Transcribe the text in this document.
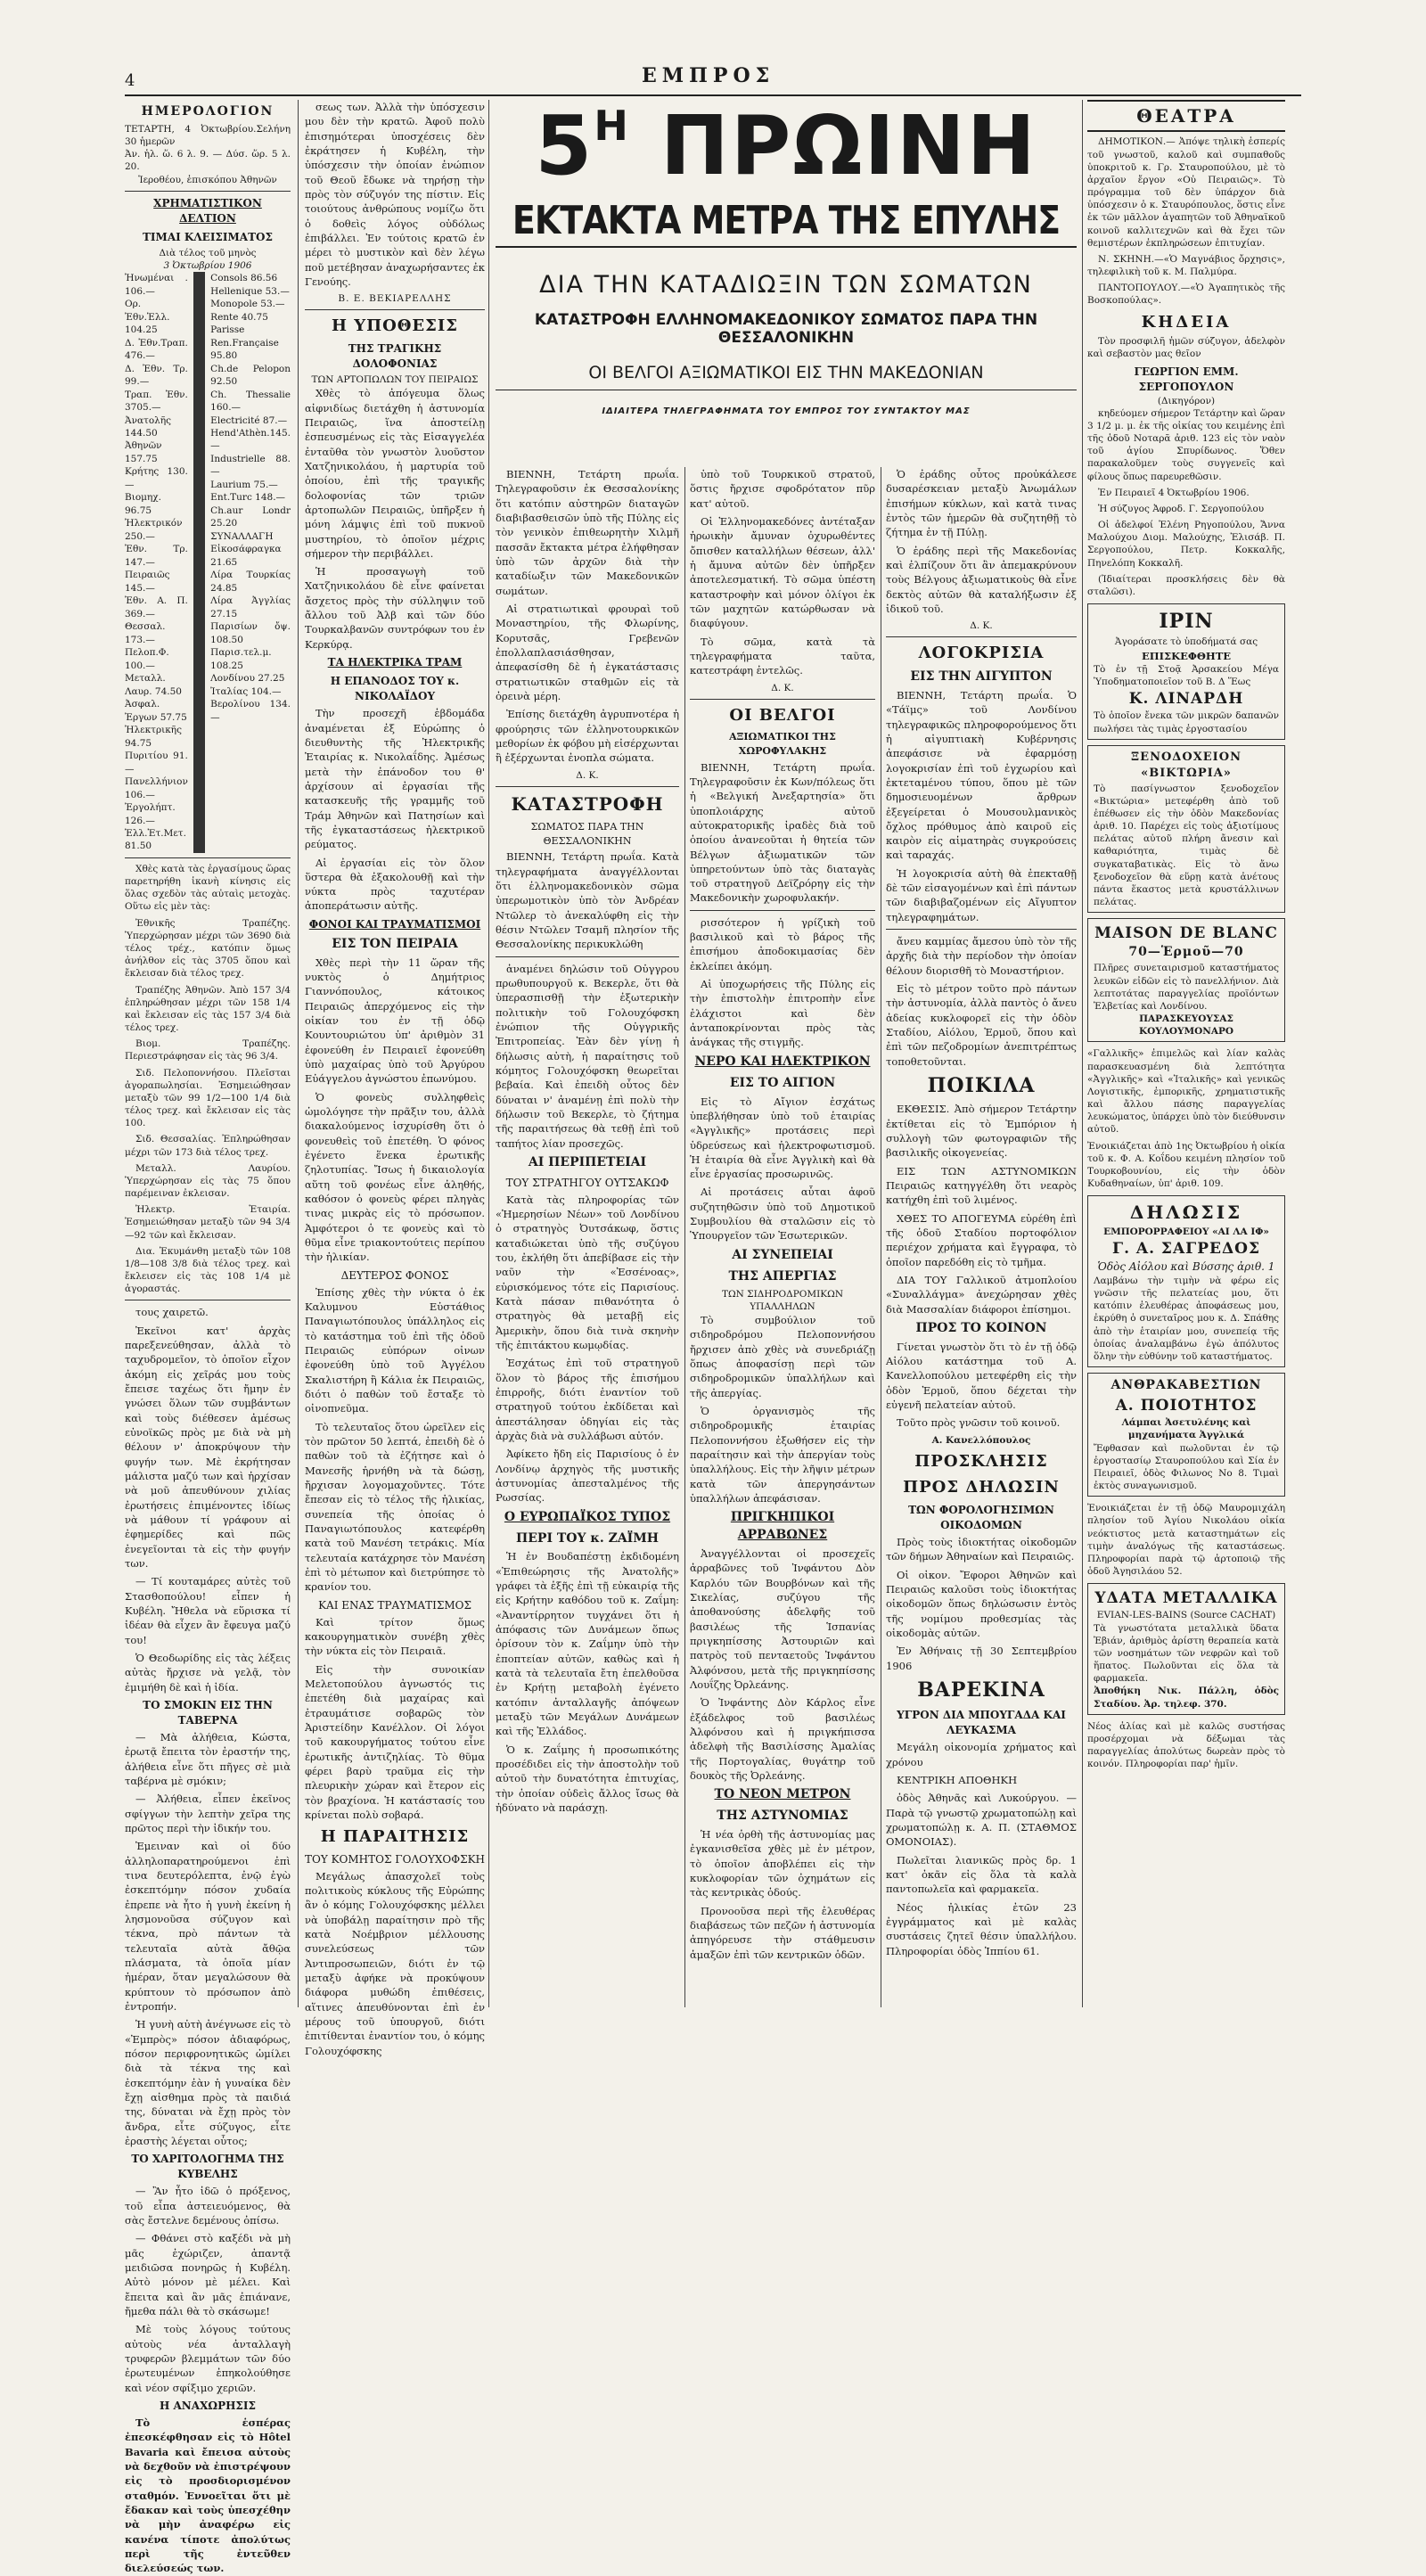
4	ΕΜΠΡΟΣ
ΗΜΕΡΟΛΟΓΙΟΝ
ΤΕΤΑΡΤΗ, 4 Ὀκτωβρίου.Σελήνη 30 ἡμερῶν
Ἀν. ἡλ. ὥ. 6 λ. 9. — Δύσ. ὥρ. 5 λ. 20.
Ἱεροθέου, ἐπισκόπου Ἀθηνῶν
ΧΡΗΜΑΤΙΣΤΙΚΟΝ ΔΕΛΤΙΟΝ
ΤΙΜΑΙ ΚΛΕΙΣΙΜΑΤΟΣ
Διὰ τέλος τοῦ μηνὸς
3 Ὀκτωβρίου 1906
Ἠνωμέναι . 106.—
Ορ. Ἐθν.Ἑλλ. 104.25
Δ. Ἐθν.Τραπ. 476.—
Δ. Ἐθν. Τρ. 99.—
Τραπ. Ἐθν. 3705.—
Ἀνατολῆς 144.50
Ἀθηνῶν 157.75
Κρήτης 130.—
Βιομηχ. 96.75
Ἠλεκτρικόν 250.—
Ἐθν. Τρ. 147.—
Πειραιῶς 145.—
Ἐθν. Α. Π. 369.—
Θεσσαλ. 173.—
Πελοπ.Φ. 100.—
Μεταλλ. Λαυρ. 74.50
Ἀσφαλ. Ἐργων 57.75
Ἠλεκτρικῆς 94.75
Πυριτίου 91.—
Πανελλήνιον 106.—
Ἐργολήπτ. 126.—
Ἑλλ.Ἐτ.Μετ. 81.50
Consols 86.56
Hellenique 53.—
Monopole 53.—
Rente 40.75
Parisse
Ren.Française 95.80
Ch.de Pelopon 92.50
Ch. Thessalie 160.—
Electricité 87.—
Hend'Athèn.145.—
Industrielle 88.—
Laurium 75.—
Ent.Turc 148.—
Ch.aur Londr 25.20
ΣΥΝΑΛΛΑΓΗ
Εἰκοσάφραγκα 21.65
Λίρα Τουρκίας 24.85
Λίρα Ἀγγλίας 27.15
Παρισίων ὄψ. 108.50
Παρισ.τελ.μ. 108.25
Λονδίνου 27.25
Ἰταλίας 104.—
Βερολίνου 134.—

Χθὲς κατὰ τὰς ἐργασίμους ὥρας παρετηρήθη ἱκανὴ κίνησις εἰς ὅλας σχεδὸν τὰς αὐταὶς μετοχὰς. Οὕτω εἰς μὲν τὰς:

Ἐθνικῆς Τραπέζης. Ὑπερχώρησαν μέχρι τῶν 3690 διὰ τέλος τρέχ., κατόπιν ὅμως ἀνήλθον εἰς τὰς 3705 ὅπου καὶ ἔκλεισαν διὰ τέλος τρεχ.

Τραπέζης Ἀθηνῶν. Ἀπὸ 157 3/4 ἐπληρώθησαν μέχρι τῶν 158 1/4 καὶ ἔκλεισαν εἰς τὰς 157 3/4 διὰ τέλος τρεχ.

Βιομ. Τραπέζης. Περιεστράφησαν εἰς τὰς 96 3/4.

Σιδ. Πελοποννήσου. Πλεῖσται ἀγοραπωλησίαι. Ἐσημειώθησαν μεταξὺ τῶν 99 1/2—100 1/4 διὰ τέλος τρεχ. καὶ ἔκλεισαν εἰς τὰς 100.

Σιδ. Θεσσαλίας. Ἐπληρώθησαν μέχρι τῶν 173 διὰ τέλος τρεχ.

Μεταλλ. Λαυρίου. Ὑπερχώρησαν εἰς τὰς 75 ὅπου παρέμειναν ἐκλεισαν.

Ἠλεκτρ. Ἑταιρία. Ἐσημειώθησαν μεταξὺ τῶν 94 3/4—92 τῶν καὶ ἔκλεισαν.

Δια. Ἐκυμάνθη μεταξὺ τῶν 108 1/8—108 3/8 διὰ τέλος τρεχ. καὶ ἔκλεισεν εἰς τὰς 108 1/4 μὲ ἀγοραστάς.

τους χαιρετῶ.

Ἐκεῖνοι κατ' ἀρχὰς παρεξενεύθησαν, ἀλλὰ τὸ ταχυδρομεῖον, τὸ ὁποῖον εἶχον ἀκόμη εἰς χεῖράς μου τοὺς ἔπεισε ταχέως ὅτι ἤμην ἐν γνώσει ὅλων τῶν συμβάντων καὶ τοὺς διέθεσεν ἀμέσως εὐνοϊκῶς πρὸς με διὰ νὰ μὴ θέλουν ν' ἀποκρύψουν τὴν φυγήν των. Μὲ ἐκρήτησαν μάλιστα μαζύ των καὶ ἠρχίσαν νὰ μοῦ ἀπευθύνουν χιλίας ἐρωτήσεις ἐπιμένοντες ἰδίως νὰ μάθουν τί γράφουν αἱ ἐφημερίδες καὶ πῶς ἐνεγεῖονται τὰ εἰς τὴν φυγήν των.

— Τί κουταμάρες αὐτὲς τοῦ Στασθοπούλου! εἶπεν ἡ Κυβέλη. Ἤθελα νὰ εὕρισκα τί ἰδέαν θὰ εἶχεν ἂν ἔφευγα μαζύ του!

Ὁ Θεοδωρίδης εἰς τὰς λέξεις αὐτὰς ἤρχισε νὰ γελᾷ, τὸν ἐμιμήθη δὲ καὶ ἡ ἰδία.

ΤΟ ΣΜΟΚΙΝ ΕΙΣ ΤΗΝ ΤΑΒΕΡΝΑ

— Μὰ ἀλήθεια, Κώστα, ἐρωτᾷ ἔπειτα τὸν ἐραστήν της, ἀλήθεια εἶνε ὅτι πῆγες σὲ μιὰ ταβέρνα μὲ σμόκιν;

— Ἀλήθεια, εἶπεν ἐκεῖνος σφίγγων τὴν λεπτὴν χεῖρα της πρῶτος περὶ τὴν ἰδικήν του.

Ἐμειναν καὶ οἱ δύο ἀλληλοπαρατηρούμενοι ἐπὶ τινα δευτερόλεπτα, ἐνῷ ἐγὼ ἐσκεπτόμην πόσον χυδαία ἐπρεπε νὰ ἦτο ἡ γυνὴ ἐκείνη ἡ λησμονοῦσα σύζυγον καὶ τέκνα, πρὸ πάντων τὰ τελευταῖα αὐτὰ ἄθῷα πλάσματα, τὰ ὁποῖα μίαν ἡμέραν, ὅταν μεγαλώσουν θὰ κρύπτουν τὸ πρόσωπον ἀπὸ ἐντροπήν.

Ἡ γυνὴ αὐτὴ ἀνέγνωσε εἰς τὸ «Ἐμπρὸς» πόσον ἀδιαφόρως, πόσον περιφρονητικῶς ὡμίλει διὰ τὰ τέκνα της καὶ ἐσκεπτόμην ἐὰν ἡ γυναίκα δὲν ἔχῃ αἰσθημα πρὸς τὰ παιδιά της, δύναται νὰ ἔχῃ πρὸς τὸν ἄνδρα, εἶτε σύζυγος, εἶτε ἐραστὴς λέγεται οὗτος;

ΤΟ ΧΑΡΙΤΟΛΟΓΗΜΑ ΤΗΣ ΚΥΒΕΛΗΣ

— Ἂν ἦτο ἰδῶ ὁ πρόξενος, τοῦ εἶπα ἀστειευόμενος, θὰ σὰς ἔστελνε δεμένους ὀπίσω.

— Φθάνει στὸ καξέδι νὰ μὴ μᾶς ἐχώριζεν, ἀπαντᾷ μειδιῶσα πονηρῶς ἡ Κυβέλη. Αὐτὸ μόνον μὲ μέλει. Καὶ ἔπειτα καὶ ἂν μᾶς ἐπιάνανε, ἤμεθα πάλι θὰ τὸ σκάσωμε!

Μὲ τοὺς λόγους τούτους αὐτοὺς νέα ἀνταλλαγὴ τρυφερῶν βλεμμάτων τῶν δύο ἐρωτευμένων ἐπηκολούθησε καὶ νέον σφίξιμο χεριῶν.

Η ΑΝΑΧΩΡΗΣΙΣ

Τὸ ἑσπέρας ἐπεσκέφθησαν εἰς τὸ Hôtel Bavaria καὶ ἔπεισα αὐτοὺς νὰ δεχθοῦν νὰ ἐπιστρέψουν εἰς τὸ προσδιορισμένον σταθμόν. Ἐννοεῖται ὅτι μὲ ἔδακαν καὶ τοὺς ὑπεσχέθην νὰ μὴν ἀναφέρω εἰς κανένα τίποτε ἀπολύτως περὶ τῆς ἐντεῦθεν διελεύσεώς των.

σεως των. Ἀλλὰ τὴν ὑπόσχεσιν μου δὲν τὴν κρατῶ. Ἀφοῦ πολὺ ἐπισημότεραι ὑποσχέσεις δὲν ἐκράτησεν ἡ Κυβέλη, τὴν ὑπόσχεσιν τὴν ὁποίαν ἐνώπιον τοῦ Θεοῦ ἔδωκε νὰ τηρήσῃ τὴν πρὸς τὸν σύζυγόν της πίστιν. Εἰς τοιούτους ἀνθρώπους νομίζω ὅτι ὁ δοθεὶς λόγος οὐδόλως ἐπιβάλλει. Ἐν τούτοις κρατῶ ἐν μέρει τὸ μυστικὸν καὶ δὲν λέγω ποῦ μετέβησαν ἀναχωρήσαντες ἐκ Γενούης.

Β. Ε. ΒΕΚΙΑΡΕΛΛΗΣ
Η ΥΠΟΘΕΣΙΣ
ΤΗΣ ΤΡΑΓΙΚΗΣ ΔΟΛΟΦΟΝΙΑΣ
ΤΩΝ ΑΡΤΟΠΩΛΩΝ ΤΟΥ ΠΕΙΡΑΙΩΣ

Χθὲς τὸ ἀπόγευμα ὅλως αἰφνιδίως διετάχθη ἡ ἀστυνομία Πειραιῶς, ἵνα ἀποστείλῃ ἐσπευσμένως εἰς τὰς Εἰσαγγελέα ἐνταῦθα τὸν γνωστὸν λυοῦστον Χατζηνικολάου, ἡ μαρτυρία τοῦ ὁποίου, ἐπὶ τῆς τραγικῆς δολοφονίας τῶν τριῶν ἀρτοπωλῶν Πειραιῶς, ὑπῆρξεν ἡ μόνη λάμψις ἐπὶ τοῦ πυκνοῦ μυστηρίου, τὸ ὁποῖον μέχρις σήμερον τὴν περιβάλλει.

Ἡ προσαγωγὴ τοῦ Χατζηνικολάου δὲ εἶνε φαίνεται ἄσχετος πρὸς τὴν σύλληψιν τοῦ ἄλλου τοῦ Ἀλβ καὶ τῶν δύο Τουρκαλβανῶν συντρόφων του ἐν Κερκύρᾳ.

ΤΑ ΗΛΕΚΤΡΙΚΑ ΤΡΑΜ
Η ΕΠΑΝΟΔΟΣ ΤΟΥ κ. ΝΙΚΟΛΑΪΔΟΥ

Τὴν προσεχῆ ἑβδομάδα ἀναμένεται ἐξ Εὐρώπης ὁ διευθυντὴς τῆς Ἠλεκτρικῆς Ἑταιρίας κ. Νικολαΐδης. Ἀμέσως μετὰ τὴν ἐπάνοδον του θ' ἀρχίσουν αἱ ἐργασίαι τῆς κατασκευῆς τῆς γραμμῆς τοῦ Τράμ Ἀθηνῶν καὶ Πατησίων καὶ τῆς ἐγκαταστάσεως ἠλεκτρικοῦ ρεύματος.

Αἱ ἐργασίαι εἰς τὸν ὅλον ὕστερα θὰ ἐξακολουθῇ καὶ τὴν νύκτα πρὸς ταχυτέραν ἀποπεράτωσιν αὐτῆς.

ΦΟΝΟΙ ΚΑΙ ΤΡΑΥΜΑΤΙΣΜΟΙ
ΕΙΣ ΤΟΝ ΠΕΙΡΑΙΑ

Χθὲς περὶ τὴν 11 ὥραν τῆς νυκτὸς ὁ Δημήτριος Γιαννόπουλος, κάτοικος Πειραιῶς ἀπερχόμενος εἰς τὴν οἰκίαν του ἐν τῇ ὁδῷ Κουντουριώτου ὑπ' ἀριθμὸν 31 ἐφονεύθη ἐν Πειραιεῖ ἐφονεύθη ὑπὸ μαχαίρας ὑπὸ τοῦ Ἀργύρου Εὐάγγελου ἀγνώστου ἐπωνύμου.

Ὁ φονεὺς συλληφθεὶς ὡμολόγησε τὴν πρᾶξιν του, ἀλλὰ διακαλούμενος ἰσχυρίσθη ὅτι ὁ φονευθεὶς τοῦ ἐπετέθη. Ὁ φόνος ἐγένετο ἕνεκα ἐρωτικῆς ζηλοτυπίας. Ἴσως ἡ δικαιολογία αὕτη τοῦ φονέως εἶνε ἀληθής, καθόσον ὁ φονεὺς φέρει πληγὰς τινας μικρὰς εἰς τὸ πρόσωπον. Ἀμφότεροι ὁ τε φονεὺς καὶ τὸ θῦμα εἶνε τριακοντούτεις περίπου τὴν ἡλικίαν.

ΔΕΥΤΕΡΟΣ ΦΟΝΟΣ

Ἐπίσης χθὲς τὴν νύκτα ὁ ἐκ Καλυμνου Εὐστάθιος Παναγιωτόπουλος ὑπάλληλος εἰς τὸ κατάστημα τοῦ ἐπὶ τῆς ὁδοῦ Πειραιῶς εὐπόρων οἰνων ἐφονεύθη ὑπὸ τοῦ Ἀγγέλου Σκαλιστήρη ἢ Κάλια ἐκ Πειραιῶς, διότι ὁ παθὼν τοῦ ἔσταξε τὸ οἰνοπνεῦμα.

Τὸ τελευταῖος ὅτου ὡρεῖλεν εἰς τὸν πρῶτον 50 λεπτά, ἐπειδὴ δὲ ὁ παθὼν τοῦ τὰ ἐζήτησε καὶ ὁ Μανεσῆς ἠρνήθη νὰ τὰ δώσῃ, ἤρχισαν λογομαχοῦντες. Τότε ἔπεσαν εἰς τὸ τέλος τῆς ἡλικίας, συνεπεία τῆς ὁποίας ὁ Παναγιωτόπουλος κατεφέρθη κατὰ τοῦ Μανέση τετράκις. Μία τελευταία κατάχρησε τὸν Μανέση ἐπὶ τὸ μέτωπον καὶ διετρύπησε τὸ κρανίον του.

ΚΑΙ ΕΝΑΣ ΤΡΑΥΜΑΤΙΣΜΟΣ

Καὶ τρίτον ὅμως κακουργηματικὸν συνέβη χθὲς τὴν νύκτα εἰς τὸν Πειραιᾶ.

Εἰς τὴν συνοικίαν Μελετοπούλου ἀγνωστός τις ἐπετέθη διὰ μαχαίρας καὶ ἐτραυμάτισε σοβαρῶς τὸν Ἀριστείδην Κανέλλον. Οἱ λόγοι τοῦ κακουργήματος τούτου εἶνε ἐρωτικῆς ἀντιζηλίας. Τὸ θῦμα φέρει βαρὺ τραῦμα εἰς τὴν πλευρικὴν χώραν καὶ ἔτερον εἰς τὸν βραχίονα. Ἡ κατάστασίς του κρίνεται πολὺ σοβαρά.

Η ΠΑΡΑΙΤΗΣΙΣ
ΤΟΥ ΚΟΜΗΤΟΣ ΓΟΛΟΥΧΟΦΣΚΗ

Μεγάλως ἀπασχολεῖ τοὺς πολιτικοὺς κύκλους τῆς Εὐρώπης ἂν ὁ κόμης Γολουχόφσκης μέλλει νὰ ὑποβάλῃ παραίτησιν πρὸ τῆς κατὰ Νοέμβριον μέλλουσης συνελεύσεως τῶν Ἀντιπροσωπειῶν, διότι ἐν τῷ μεταξὺ ἀφήκε νὰ προκύψουν διάφορα μυθώδη ἐπιθέσεις, αἵτινες ἀπευθύνονται ἐπὶ ἐν μέρους τοῦ ὑπουργοῦ, διότι ἐπιτίθενται ἐναντίον του, ὁ κόμης Γολουχόφσκης

$5^H$ ΠΡΩΙΝΗ
ΕΚΤΑΚΤΑ ΜΕΤΡΑ ΤΗΣ ΕΠΥΛΗΣ
ΔΙΑ ΤΗΝ ΚΑΤΑΔΙΩΞΙΝ ΤΩΝ ΣΩΜΑΤΩΝ
ΚΑΤΑΣΤΡΟΦΗ ΕΛΛΗΝΟΜΑΚΕΔΟΝΙΚΟΥ ΣΩΜΑΤΟΣ ΠΑΡΑ ΤΗΝ ΘΕΣΣΑΛΟΝΙΚΗΝ
ΟΙ ΒΕΛΓΟΙ ΑΞΙΩΜΑΤΙΚΟΙ ΕΙΣ ΤΗΝ ΜΑΚΕΔΟΝΙΑΝ
ΙΔΙΑΙΤΕΡΑ ΤΗΛΕΓΡΑΦΗΜΑΤΑ ΤΟΥ ΕΜΠΡΟΣ ΤΟΥ ΣΥΝΤΑΚΤΟΥ ΜΑΣ

ΒΙΕΝΝΗ, Τετάρτη πρωΐα. Τηλεγραφοῦσιν ἐκ Θεσσαλονίκης ὅτι κατόπιν αὐστηρῶν διαταγῶν διαβιβασθεισῶν ὑπὸ τῆς Πύλης εἰς τὸν γενικὸν ἐπιθεωρητὴν Χιλμῆ πασσᾶν ἔκτακτα μέτρα ἐλήφθησαν ὑπὸ τῶν ἀρχῶν διὰ τὴν καταδίωξιν τῶν Μακεδονικῶν σωμάτων.

Αἱ στρατιωτικαὶ φρουραὶ τοῦ Μοναστηρίου, τῆς Φλωρίνης, Κορυτσᾶς, Γρεβενῶν ἐπολλαπλασιάσθησαν, ἀπεφασίσθη δὲ ἡ ἐγκατάστασις στρατιωτικῶν σταθμῶν εἰς τὰ ὀρεινὰ μέρη.

Ἐπίσης διετάχθη ἀγρυπνοτέρα ἡ φρούρησις τῶν ἑλληνοτουρκικῶν μεθορίων ἐκ φόβου μὴ εἰσέρχωνται ἢ ἐξέρχωνται ἐνοπλα σώματα.

Δ. Κ.
ΚΑΤΑΣΤΡΟΦΗ
ΣΩΜΑΤΟΣ ΠΑΡΑ ΤΗΝ ΘΕΣΣΑΛΟΝΙΚΗΝ

ΒΙΕΝΝΗ, Τετάρτη πρωΐα. Κατὰ τηλεγραφήματα ἀναγγέλλονται ὅτι ἑλληνομακεδονικὸν σῶμα ὑπερωμοτικὸν ὑπὸ τὸν Ἀνδρέαν Ντῶλερ τὸ ἀνεκαλύφθη εἰς τὴν θέσιν Ντῶλεν Τσαμῆ πλησίον τῆς Θεσσαλονίκης περικυκλώθη

ἀναμένει δηλώσιν τοῦ Οὐγγρου πρωθυπουργοῦ κ. Βεκερλε, ὅτι θὰ ὑπερασπισθῇ τὴν ἐξωτερικὴν πολιτικὴν τοῦ Γολουχόφσκη ἐνώπιον τῆς Οὐγγρικῆς Ἐπιτροπείας. Ἐὰν δὲν γίνῃ ἡ δήλωσις αὐτὴ, ἡ παραίτησις τοῦ κόμητος Γολουχόφσκη θεωρεῖται βεβαία. Καὶ ἐπειδὴ οὗτος δὲν δύναται ν' ἀναμένῃ ἐπὶ πολὺ τὴν δήλωσιν τοῦ Βεκερλε, τὸ ζήτημα τῆς παραιτήσεως θὰ τεθῇ ἐπὶ τοῦ ταπήτος λίαν προσεχῶς.

ΑΙ ΠΕΡΙΠΕΤΕΙΑΙ
ΤΟΥ ΣΤΡΑΤΗΓΟΥ ΟΥΤΣΑΚΩΦ

Κατὰ τὰς πληροφορίας τῶν «Ἡμερησίων Νέων» τοῦ Λονδίνου ὁ στρατηγὸς Ὀυτσάκωφ, ὅστις καταδιώκεται ὑπὸ τῆς συζύγου του, ἐκλήθη ὅτι ἀπεβίβασε εἰς τὴν ναῦν τὴν «Ἐσσένοας», εὑρισκόμενος τότε εἰς Παρισίους. Κατὰ πάσαν πιθανότητα ὁ στρατηγὸς θὰ μεταβῇ εἰς Ἀμερικὴν, ὅπου διὰ τινὰ σκηνὴν τῆς ἐπιτάκτου κωμῳδίας.

Ἐσχάτως ἐπὶ τοῦ στρατηγοῦ ὅλον τὸ βάρος τῆς ἐπισήμου ἐπιρροῆς, διότι ἐναντίον τοῦ στρατηγοῦ τούτου ἐκδίδεται καὶ ἀπεστάλησαν ὁδηγίαι εἰς τὰς ἀρχὰς διὰ νὰ συλλάβωσι αὐτόν.

Ἀφίκετο ἤδη εἰς Παρισίους ὁ ἐν Λονδίνῳ ἀρχηγὸς τῆς μυστικῆς ἀστυνομίας ἀπεσταλμένος τῆς Ρωσσίας.

Ο ΕΥΡΩΠΑΪΚΟΣ ΤΥΠΟΣ
ΠΕΡΙ ΤΟΥ κ. ΖΑΪΜΗ

Ἡ ἐν Βουδαπέστῃ ἐκδιδομένη «Ἐπιθεώρησις τῆς Ἀνατολῆς» γράφει τὰ ἑξῆς ἐπὶ τῇ εὐκαιρίᾳ τῆς εἰς Κρήτην καθόδου τοῦ κ. Ζαΐμη: «Ἀναντίρρητον τυγχάνει ὅτι ἡ ἀπόφασις τῶν Δυνάμεων ὅπως ὁρίσουν τὸν κ. Ζαΐμην ὑπὸ τὴν ἐποπτείαν αὐτῶν, καθὼς καὶ ἡ κατὰ τὰ τελευταῖα ἔτη ἐπελθοῦσα ἐν Κρήτῃ μεταβολὴ ἐγένετο κατόπιν ἀνταλλαγῆς ἀπόψεων μεταξὺ τῶν Μεγάλων Δυνάμεων καὶ τῆς Ἑλλάδος.

Ὁ κ. Ζαΐμης ἡ προσωπικότης προσέδιδει εἰς τὴν ἀποστολὴν τοῦ αὐτοῦ τὴν δυνατότητα ἐπιτυχίας, τὴν ὁποίαν οὐδεὶς ἄλλος ἴσως θὰ ἠδύνατο νὰ παράσχῃ.

ὑπὸ τοῦ Τουρκικοῦ στρατοῦ, ὅστις ἤρχισε σφοδρότατον πῦρ κατ' αὐτοῦ.

Οἱ Ἑλληνομακεδόνες ἀντέταξαν ἡρωικὴν ἄμυναν ὀχυρωθέντες ὄπισθεν καταλλήλων θέσεων, ἀλλ' ἡ ἄμυνα αὐτῶν δὲν ὑπῆρξεν ἀποτελεσματική. Τὸ σῶμα ὑπέστη καταστροφὴν καὶ μόνον ὀλίγοι ἐκ τῶν μαχητῶν κατώρθωσαν νὰ διαφύγουν.

Τὸ σῶμα, κατὰ τὰ τηλεγραφήματα ταῦτα, κατεστράφη ἐντελῶς.

Δ. Κ.
ΟΙ ΒΕΛΓΟΙ
ΑΞΙΩΜΑΤΙΚΟΙ ΤΗΣ ΧΩΡΟΦΥΛΑΚΗΣ

ΒΙΕΝΝΗ, Τετάρτη πρωΐα. Τηλεγραφοῦσιν ἐκ Κων/πόλεως ὅτι ἡ «Βελγική Ἀνεξαρτησία» ὅτι ὑποπλοιάρχης αὐτοῦ αὐτοκρατορικῆς ἰραδὲς διὰ τοῦ ὁποίου ἀνανεοῦται ἡ θητεία τῶν Βέλγων ἀξιωματικῶν τῶν ὑπηρετούντων ὑπὸ τὰς διαταγὰς τοῦ στρατηγοῦ Δεϊζρόρηγ εἰς τὴν Μακεδονικὴν χωροφυλακήν.

ρισσότερον ἡ γρίζικὴ τοῦ βασιλικοῦ καὶ τὸ βάρος τῆς ἐπισήμου ἀποδοκιμασίας δὲν ἐκλείπει ἀκόμη.

Αἱ ὑποχωρήσεις τῆς Πύλης εἰς τὴν ἐπιστολὴν ἐπιτροπὴν εἶνε ἐλάχιστοι καὶ δὲν ἀνταποκρίνονται πρὸς τὰς ἀνάγκας τῆς στιγμῆς.

ΝΕΡΟ ΚΑΙ ΗΛΕΚΤΡΙΚΟΝ
ΕΙΣ ΤΟ ΑΙΓΙΟΝ

Εἰς τὸ Αἴγιον ἐσχάτως ὑπεβλήθησαν ὑπὸ τοῦ ἑταιρίας «Ἀγγλικῆς» προτάσεις περὶ ὑδρεύσεως καὶ ἠλεκτροφωτισμοῦ. Ἡ ἑταιρία θὰ εἶνε Ἀγγλικὴ καὶ θὰ εἶνε ἐργασίας προσωρινῶς.

Αἱ προτάσεις αὗται ἀφοῦ συζητηθῶσιν ὑπὸ τοῦ Δημοτικοῦ Συμβουλίου θὰ σταλῶσιν εἰς τὸ Ὑπουργεῖον τῶν Ἐσωτερικῶν.

ΑΙ ΣΥΝΕΠΕΙΑΙ
ΤΗΣ ΑΠΕΡΓΙΑΣ
ΤΩΝ ΣΙΔΗΡΟΔΡΟΜΙΚΩΝ ΥΠΑΛΛΗΛΩΝ

Τὸ συμβούλιον τοῦ σιδηροδρόμου Πελοποννήσου ἤρχισεν ἀπὸ χθὲς νὰ συνεδριάζῃ ὅπως ἀποφασίσῃ περὶ τῶν σιδηροδρομικῶν ὑπαλλήλων καὶ τῆς ἀπεργίας.

Ὁ ὀργανισμὸς τῆς σιδηροδρομικῆς ἑταιρίας Πελοποννήσου ἐξωθήσεν εἰς τὴν παραίτησιν καὶ τὴν ἀπεργίαν τοὺς ὑπαλλήλους. Εἰς τὴν λῆψιν μέτρων κατὰ τῶν ἀπεργησάντων ὑπαλλήλων ἀπεφάσισαν.

ΠΡΙΓΚΗΠΙΚΟΙ ΑΡΡΑΒΩΝΕΣ

Ἀναγγέλλονται οἱ προσεχεῖς ἀρραβῶνες τοῦ Ἰνφάντου Δὸν Καρλόυ τῶν Βουρβόνων καὶ τῆς Σικελίας, συζύγου τῆς ἀποθανούσης ἀδελφῆς τοῦ βασιλέως τῆς Ἱσπανίας πριγκηπίσσης Ἀστουριῶν καὶ πατρὸς τοῦ πενταετοῦς Ἰνφάντου Ἀλφόνσου, μετὰ τῆς πριγκηπίσσης Λουΐζης Ὀρλεάνης.

Ὁ Ἰνφάντης Δὸν Κάρλος εἶνε ἐξάδελφος τοῦ βασιλέως Ἀλφόνσου καὶ ἡ πριγκήπισσα ἀδελφὴ τῆς Βασιλίσσης Ἀμαλίας τῆς Πορτογαλίας, θυγάτηρ τοῦ δουκὸς τῆς Ὀρλεάνης.

ΤΟ ΝΕΟΝ ΜΕΤΡΟΝ
ΤΗΣ ΑΣΤΥΝΟΜΙΑΣ

Ἡ νέα ὁρθὴ τῆς ἀστυνομίας μας ἐγκανισθεῖσα χθὲς μὲ ἐν μέτρον, τὸ ὁποῖον ἀποβλέπει εἰς τὴν κυκλοφορίαν τῶν ὀχημάτων εἰς τὰς κεντρικὰς ὁδούς.

Προνοοῦσα περὶ τῆς ἐλευθέρας διαβάσεως τῶν πεζῶν ἡ ἀστυνομία ἀπηγόρευσε τὴν στάθμευσιν ἁμαξῶν ἐπὶ τῶν κεντρικῶν ὁδῶν.

Ὁ ἐράδης οὗτος προὐκάλεσε δυσαρέσκειαν μεταξὺ Ἀνωμάλων ἐπισήμων κύκλων, καὶ κατὰ τινας ἐντὸς τῶν ἡμερῶν θὰ συζητηθῇ τὸ ζήτημα ἐν τῇ Πύλῃ.

Ὁ ἐράδης περὶ τῆς Μακεδονίας καὶ ἐλπίζουν ὅτι ἂν ἀπεμακρύνουν τοὺς Βέλγους ἀξιωματικοὺς θὰ εἶνε δεκτὸς αὐτῶν θὰ καταλήξωσιν ἐξ ἰδικοῦ τοῦ.

Δ. Κ.
ΛΟΓΟΚΡΙΣΙΑ
ΕΙΣ ΤΗΝ ΑΙΓΥΠΤΟΝ

ΒΙΕΝΝΗ, Τετάρτη πρωΐα. Ὁ «Τάϊμς» τοῦ Λονδίνου τηλεγραφικῶς πληροφορούμενος ὅτι ἡ αἰγυπτιακὴ Κυβέρνησις ἀπεφάσισε νὰ ἐφαρμόσῃ λογοκρισίαν ἐπὶ τοῦ ἐγχωρίου καὶ ἐκτεταμένου τύπου, ὅπου μὲ τῶν δημοσιευομένων ἄρθρων ἐξεγείρεται ὁ Μουσουλμανικὸς ὄχλος πρόθυμος ἀπὸ καιροῦ εἰς καιρὸν εἰς αἱματηρὰς συγκρούσεις καὶ ταραχάς.

Ἡ λογοκρισία αὐτὴ θὰ ἐπεκταθῇ δὲ τῶν εἰσαγομένων καὶ ἐπὶ πάντων τῶν διαβιβαζομένων εἰς Αἴγυπτον τηλεγραφημάτων.

ἄνευ καμμίας ἄμεσου ὑπὸ τὸν τῆς ἀρχῆς διὰ τὴν περίοδον τὴν ὁποίαν θέλουν διορισθῆ τὸ Μοναστήριον.

Εἰς τὸ μέτρον τοῦτο πρὸ πάντων τὴν ἀστυνομία, ἀλλὰ παντὸς ὁ ἄνευ ἀδείας κυκλοφορεῖ εἰς τὴν ὁδὸν Σταδίου, Αἰόλου, Ἑρμοῦ, ὅπου καὶ ἐπὶ τῶν πεζοδρομίων ἀνεπιτρέπτως τοποθετοῦνται.

ΠΟΙΚΙΛΑ

ΕΚΘΕΣΙΣ. Ἀπὸ σήμερον Τετάρτην ἐκτίθεται εἰς τὸ Ἐμπόριον ἡ συλλογὴ τῶν φωτογραφιῶν τῆς βασιλικῆς οἰκογενείας.

ΕΙΣ ΤΩΝ ΑΣΤΥΝΟΜΙΚΩΝ Πειραιῶς κατηγγέλθη ὅτι νεαρὸς κατήχθη ἐπὶ τοῦ λιμένος.

ΧΘΕΣ ΤΟ ΑΠΟΓΕΥΜΑ εὑρέθη ἐπὶ τῆς ὁδοῦ Σταδίου πορτοφόλιον περιέχον χρήματα καὶ ἔγγραφα, τὸ ὁποῖον παρεδόθη εἰς τὸ τμῆμα.

ΔΙΑ ΤΟΥ Γαλλικοῦ ἀτμοπλοίου «Συναλλάγμα» ἀνεχώρησαν χθὲς διὰ Μασσαλίαν διάφοροι ἐπίσημοι.

ΠΡΟΣ ΤΟ ΚΟΙΝΟΝ

Γίνεται γνωστὸν ὅτι τὸ ἐν τῇ ὁδῷ Αἰόλου κατάστημα τοῦ Α. Κανελλοπούλου μετεφέρθη εἰς τὴν ὁδὸν Ἑρμοῦ, ὅπου δέχεται τὴν εὐγενῆ πελατείαν αὐτοῦ.

Τοῦτο πρὸς γνῶσιν τοῦ κοινοῦ.

Α. Κανελλόπουλος
ΠΡΟΣΚΛΗΣΙΣ
ΠΡΟΣ ΔΗΛΩΣΙΝ
ΤΩΝ ΦΟΡΟΛΟΓΗΣΙΜΩΝ ΟΙΚΟΔΟΜΩΝ

Πρὸς τοὺς ἰδιοκτήτας οἰκοδομῶν τῶν δήμων Ἀθηναίων καὶ Πειραιῶς.

Οἱ οἰκον. Ἔφοροι Ἀθηνῶν καὶ Πειραιῶς καλοῦσι τοὺς ἰδιοκτήτας οἰκοδομῶν ὅπως δηλώσωσιν ἐντὸς τῆς νομίμου προθεσμίας τὰς οἰκοδομὰς αὐτῶν.

Ἐν Ἀθήναις τῇ 30 Σεπτεμβρίου 1906

ΒΑΡΕΚΙΝΑ
ΥΓΡΟΝ ΔΙΑ ΜΠΟΥΓΑΔΑ ΚΑΙ ΛΕΥΚΑΣΜΑ

Μεγάλη οἰκονομία χρήματος καὶ χρόνου

ΚΕΝΤΡΙΚΗ ΑΠΟΘΗΚΗ

ὁδὸς Ἀθηνᾶς καὶ Λυκούργου. — Παρὰ τῷ γνωστῷ χρωματοπώλῃ καὶ χρωματοπώλῃ κ. Α. Π. (ΣΤΑΘΜΟΣ ΟΜΟΝΟΙΑΣ).

Πωλεῖται λιανικῶς πρὸς δρ. 1 κατ' ὀκᾶν εἰς ὅλα τὰ καλὰ παντοπωλεῖα καὶ φαρμακεῖα.

Νέος ἠλικίας ἐτῶν 23 ἐγγράμματος καὶ μὲ καλὰς συστάσεις ζητεῖ θέσιν ὑπαλλήλου. Πληροφορίαι ὁδὸς Ἱππίου 61.

ΘΕΑΤΡΑ

ΔΗΜΟΤΙΚΟΝ.— Ἀπόψε τηλικὴ ἑσπερίς τοῦ γνωστοῦ, καλοῦ καὶ συμπαθοῦς ὑποκριτοῦ κ. Γρ. Σταυροπούλου, μὲ τὸ ἀρχαῖον ἔργον «Οὐ Πειραιῶς». Τὸ πρόγραμμα τοῦ δὲν ὑπάρχον διὰ ὑπόσχεσιν ὁ κ. Σταυρόπουλος, ὅστις εἶνε ἐκ τῶν μᾶλλον ἀγαπητῶν τοῦ Ἀθηναϊκοῦ κοινοῦ καλλιτεχνῶν καὶ θὰ ἔχει τῶν θεμιστέρων ἐκπληρώσεων ἐπιτυχίαν.

Ν. ΣΚΗΝΗ.—«Ὁ Μαγνάβιος ὄρχησις», τηλεφιλικὴ τοῦ κ. Μ. Παλμύρα.

ΠΑΝΤΟΠΟΥΛΟΥ.—«Ὁ Ἀγαπητικὸς τῆς Βοσκοπούλας».

ΚΗΔΕΙΑ

Τὸν προσφιλῆ ἡμῶν σύζυγον, ἀδελφὸν καὶ σεβαστὸν μας θεῖον

ΓΕΩΡΓΙΟΝ ΕΜΜ. ΣΕΡΓΟΠΟΥΛΟΝ
(Δικηγόρον)

κηδεύομεν σήμερον Τετάρτην καὶ ὥραν 3 1/2 μ. μ. ἐκ τῆς οἰκίας του κειμένης ἐπὶ τῆς ὁδοῦ Νοταρᾶ ἀριθ. 123 εἰς τὸν ναὸν τοῦ ἁγίου Σπυρίδωνος. Ὅθεν παρακαλοῦμεν τοὺς συγγενεῖς καὶ φίλους ὅπως παρευρεθῶσιν.

Ἐν Πειραιεῖ 4 Ὀκτωβρίου 1906.

Ἡ σύζυγος Ἀφροδ. Γ. Σεργοπούλου

Οἱ ἀδελφοί Ἑλένη Ρηγοπούλου, Ἄννα Μαλούχου Διομ. Μαλούχης, Ἐλισάβ. Π. Σεργοπούλου, Πετρ. Κοκκαλῆς, Πηνελόπη Κοκκαλῆ.

(Ἰδιαίτεραι προσκλήσεις δὲν θὰ σταλῶσι).

ΙΡΙΝ
Ἀγοράσατε τὸ ὑποδήματά σας
ΕΠΙΣΚΕΦΘΗΤΕ
Τὸ ἐν τῇ Στοᾷ Ἀρσακείου Μέγα Ὑποδηματοποιεῖον τοῦ Β. Δ Ἕως
Κ. ΛΙΝΑΡΔΗ
Τὸ ὁποῖον ἔνεκα τῶν μικρῶν δαπανῶν πωλήσει τὰς τιμὰς ἐργοστασίου
ΞΕΝΟΔΟΧΕΙΟΝ «ΒΙΚΤΩΡΙΑ»
Τὸ πασίγνωστον ξενοδοχεῖον «Βικτώρια» μετεφέρθη ἀπὸ τοῦ ἐπέθωσεν εἰς τὴν ὁδὸν Μακεδονίας ἀριθ. 10. Παρέχει εἰς τοὺς ἀξιοτίμους πελάτας αὐτοῦ πλήρη ἄνεσιν καὶ καθαριότητα, τιμὰς δὲ συγκαταβατικὰς. Εἰς τὸ ἄνω ξενοδοχεῖον θὰ εὕρῃ κατὰ ἀνέτους πάντα ἕκαστος μετὰ κρυστάλλινων πελάτας.
MAISON DE BLANC
70—Ἑρμοῦ—70
Πλῆρες συνεταιρισμοῦ καταστήματος λευκῶν εἰδῶν εἰς τὸ πανελλήνιον. Διὰ λεπτοτάτας παραγγελίας προϊόντων Ἑλβετίας καὶ Λονδίνου.
ΠΑΡΑΣΚΕΥΟΥΣΑΣ ΚΟΥΛΟΥΜΟΝΑΡΟ
«Γαλλικῆς» ἐπιμελῶς καὶ λίαν καλὰς παρασκευασμένη διὰ λεπτότητα «Ἀγγλικῆς» καὶ «Ἰταλικῆς» καὶ γενικῶς Λογιστικῆς, ἐμπορικῆς, χρηματιστικῆς καὶ ἄλλου πάσης παραγγελίας λευκώματος, ὑπάρχει ὑπὸ τὸν διεύθυνσιν αὐτοῦ.
Ἐνοικιάζεται ἀπὸ 1ης Ὀκτωβρίου ἡ οἰκία τοῦ κ. Φ. Α. Κοΐδου κειμένη πλησίον τοῦ Τουρκοβουνίου, εἰς τὴν ὁδὸν Κυδαθηναίων, ὑπ' ἀριθ. 109.
ΔΗΛΩΣΙΣ
ΕΜΠΟΡΟΡΡΑΦΕΙΟΥ «ΑΙ ΛΑ ΙΦ»
Γ. Α. ΣΑΓΡΕΔΟΣ
Ὁδὸς Αἰόλου καὶ Βύσσης ἀριθ. 1
Λαμβάνω τὴν τιμὴν νὰ φέρω εἰς γνῶσιν τῆς πελατείας μου, ὅτι κατόπιν ἐλευθέρας ἀποφάσεως μου, ἐκρύθη ὁ συνεταῖρος μου κ. Δ. Σπάθης ἀπὸ τὴν ἑταιρίαν μου, συνεπείᾳ τῆς ὁποίας ἀναλαμβάνω ἐγὼ ἀπόλυτος ὅλην τὴν εὐθύνην τοῦ καταστήματος.
ΑΝΘΡΑΚΑΒΕΣΤΙΩΝ
Α. ΠΟΙΟΤΗΤΟΣ
Λάμπαι Ἀσετυλένης καὶ μηχανήματα Ἀγγλικά
Ἔφθασαν καὶ πωλοῦνται ἐν τῷ ἐργοστασίῳ Σταυροπούλου καὶ Σία ἐν Πειραιεῖ, ὁδὸς Φιλωνος Νο 8. Τιμαὶ ἐκτὸς συναγωνισμοῦ.
Ἐνοικιάζεται ἐν τῇ ὁδῷ Μαυρομιχάλη πλησίον τοῦ Ἀγίου Νικολάου οἰκία νεόκτιστος μετὰ καταστημάτων εἰς τιμὴν ἀναλόγως τῆς καταστάσεως. Πληροφορίαι παρὰ τῷ ἀρτοποιῷ τῆς ὁδοῦ Ἀγησιλάου 52.
ΥΔΑΤΑ ΜΕΤΑΛΛΙΚΑ
EVIAN-LES-BAINS (Source CACHAT)
Τὰ γνωστότατα μεταλλικὰ ὕδατα Ἐβιάν, ἀριθμὸς ἀρίστη θεραπεία κατὰ τῶν νοσημάτων τῶν νεφρῶν καὶ τοῦ ἥπατος. Πωλοῦνται εἰς ὅλα τὰ φαρμακεῖα.
Ἀποθήκη Νικ. Πάλλη, ὁδὸς Σταδίου. Ἀρ. τηλεφ. 370.
Νέος ἁλίας καὶ μὲ καλῶς συστήσας προσέρχομαι νὰ δέξωμαι τὰς παραγγελίας ἀπολύτως δωρεὰν πρὸς τὸ κοινόν. Πληροφορίαι παρ' ἡμῖν.
